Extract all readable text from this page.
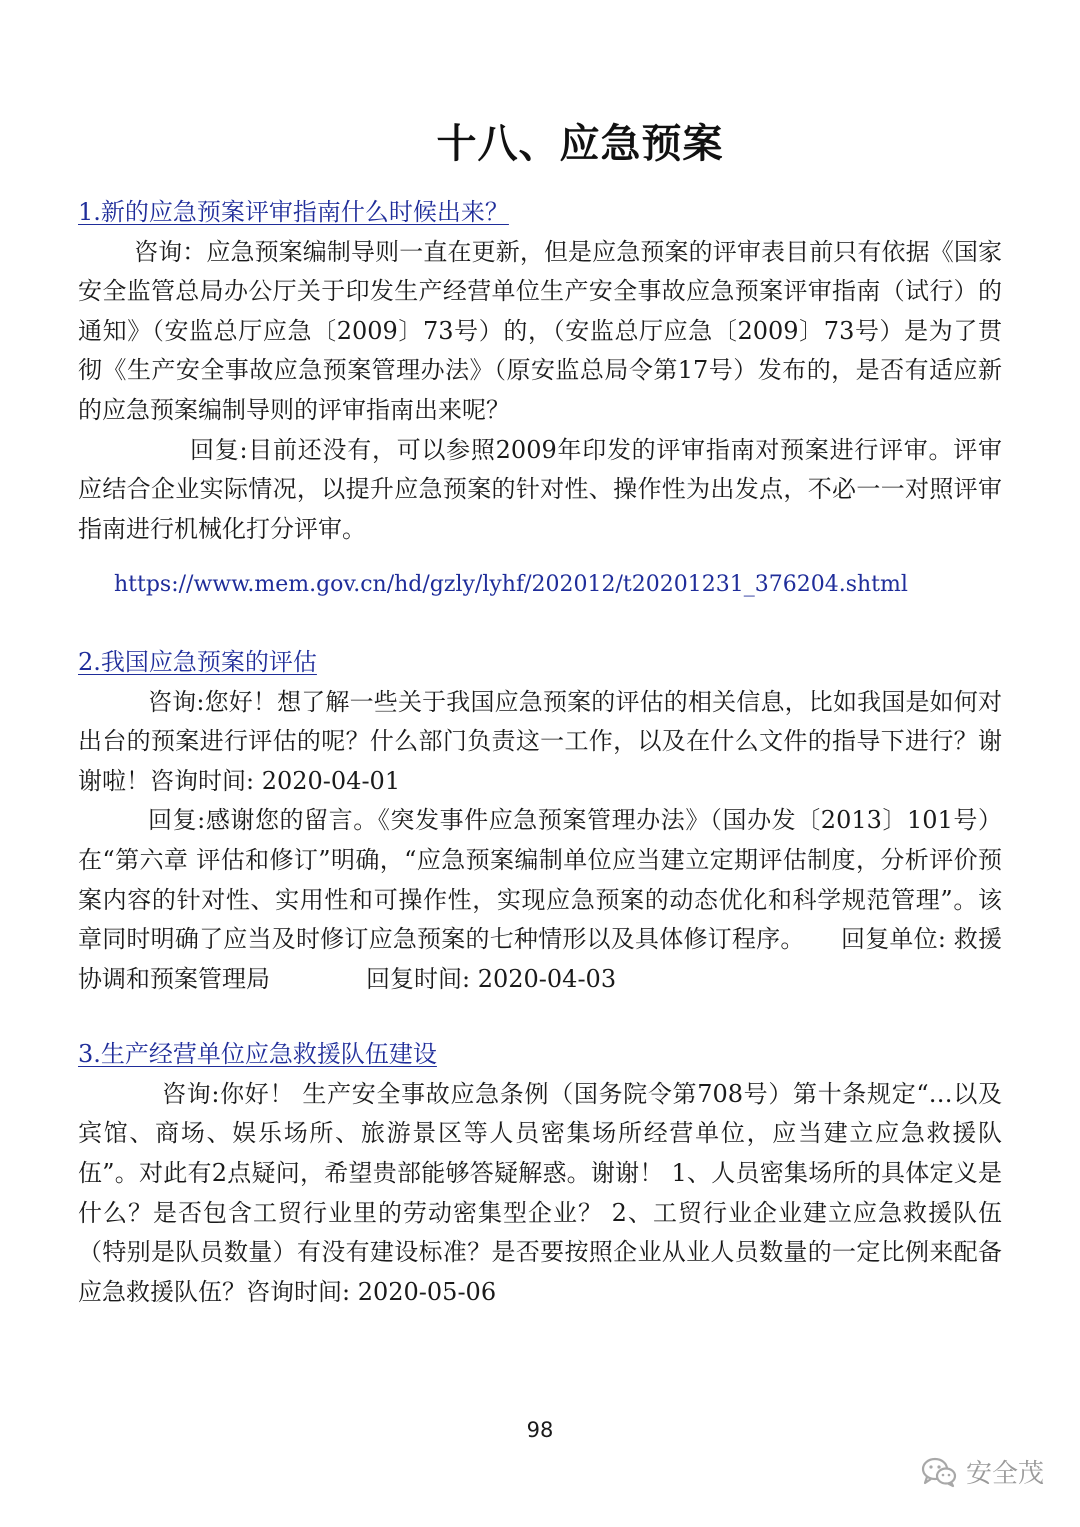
十八、应急预案

1.新的应急预案评审指南什么时候出来？

咨询：应急预案编制导则一直在更新，但是应急预案的评审表目前只有依据《国家安全监管总局办公厅关于印发生产经营单位生产安全事故应急预案评审指南（试行）的通知》（安监总厅应急〔2009〕73号）的，（安监总厅应急〔2009〕73号）是为了贯彻《生产安全事故应急预案管理办法》（原安监总局令第17号）发布的，是否有适应新的应急预案编制导则的评审指南出来呢？

回复:目前还没有，可以参照2009年印发的评审指南对预案进行评审。评审应结合企业实际情况，以提升应急预案的针对性、操作性为出发点，不必一一对照评审指南进行机械化打分评审。

https://www.mem.gov.cn/hd/gzly/lyhf/202012/t20201231_376204.shtml

2.我国应急预案的评估

咨询:您好！想了解一些关于我国应急预案的评估的相关信息，比如我国是如何对出台的预案进行评估的呢？什么部门负责这一工作，以及在什么文件的指导下进行？谢谢啦！咨询时间: 2020-04-01

回复:感谢您的留言。《突发事件应急预案管理办法》（国办发〔2013〕101号）在“第六章 评估和修订”明确，“应急预案编制单位应当建立定期评估制度，分析评价预案内容的针对性、实用性和可操作性，实现应急预案的动态优化和科学规范管理”。该章同时明确了应当及时修订应急预案的七种情形以及具体修订程序。　　回复单位: 救援协调和预案管理局　　　　回复时间: 2020-04-03

3.生产经营单位应急救援队伍建设

咨询:你好！ 生产安全事故应急条例（国务院令第708号）第十条规定“…以及宾馆、商场、娱乐场所、旅游景区等人员密集场所经营单位，应当建立应急救援队伍”。对此有2点疑问，希望贵部能够答疑解惑。谢谢！ 1、人员密集场所的具体定义是什么？是否包含工贸行业里的劳动密集型企业？ 2、工贸行业企业建立应急救援队伍（特别是队员数量）有没有建设标准？是否要按照企业从业人员数量的一定比例来配备应急救援队伍？咨询时间: 2020-05-06

98
安全茂
